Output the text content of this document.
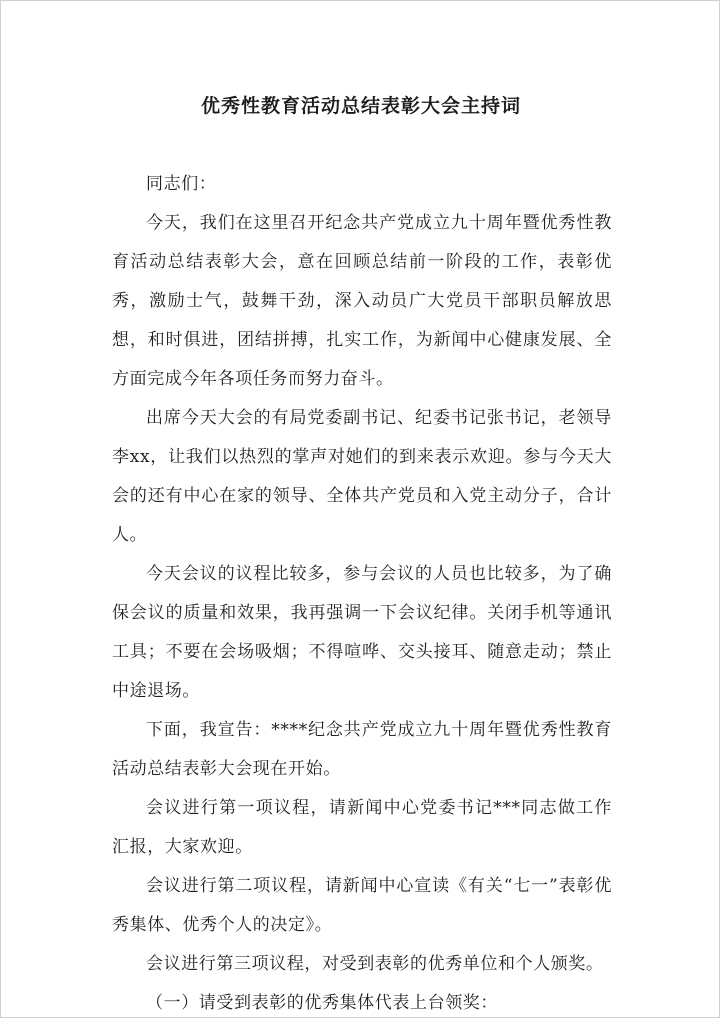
优秀性教育活动总结表彰大会主持词

同志们：

今天，我们在这里召开纪念共产党成立九十周年暨优秀性教育活动总结表彰大会，意在回顾总结前一阶段的工作，表彰优秀，激励士气，鼓舞干劲，深入动员广大党员干部职员解放思想，和时俱进，团结拼搏，扎实工作，为新闻中心健康发展、全方面完成今年各项任务而努力奋斗。

出席今天大会的有局党委副书记、纪委书记张书记，老领导李xx，让我们以热烈的掌声对她们的到来表示欢迎。参与今天大会的还有中心在家的领导、全体共产党员和入党主动分子，合计人。

今天会议的议程比较多，参与会议的人员也比较多，为了确保会议的质量和效果，我再强调一下会议纪律。关闭手机等通讯工具；不要在会场吸烟；不得喧哗、交头接耳、随意走动；禁止中途退场。

下面，我宣告：****纪念共产党成立九十周年暨优秀性教育活动总结表彰大会现在开始。

会议进行第一项议程，请新闻中心党委书记***同志做工作汇报，大家欢迎。

会议进行第二项议程，请新闻中心宣读《有关“七一”表彰优秀集体、优秀个人的决定》。

会议进行第三项议程，对受到表彰的优秀单位和个人颁奖。

（一）请受到表彰的优秀集体代表上台领奖：
